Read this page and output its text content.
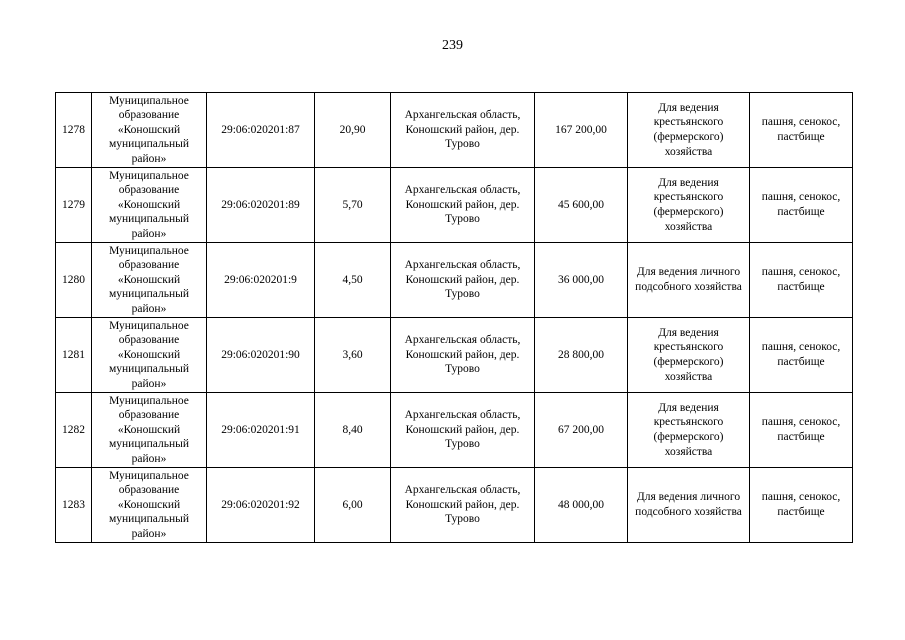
239
1278	Муниципальное образование «Коношский муниципальный район»	29:06:020201:87	20,90	Архангельская область, Коношский район, дер. Турово	167 200,00	Для ведения крестьянского (фермерского) хозяйства	пашня, сенокос, пастбище
1279	Муниципальное образование «Коношский муниципальный район»	29:06:020201:89	5,70	Архангельская область, Коношский район, дер. Турово	45 600,00	Для ведения крестьянского (фермерского) хозяйства	пашня, сенокос, пастбище
1280	Муниципальное образование «Коношский муниципальный район»	29:06:020201:9	4,50	Архангельская область, Коношский район, дер. Турово	36 000,00	Для ведения личного подсобного хозяйства	пашня, сенокос, пастбище
1281	Муниципальное образование «Коношский муниципальный район»	29:06:020201:90	3,60	Архангельская область, Коношский район, дер. Турово	28 800,00	Для ведения крестьянского (фермерского) хозяйства	пашня, сенокос, пастбище
1282	Муниципальное образование «Коношский муниципальный район»	29:06:020201:91	8,40	Архангельская область, Коношский район, дер. Турово	67 200,00	Для ведения крестьянского (фермерского) хозяйства	пашня, сенокос, пастбище
1283	Муниципальное образование «Коношский муниципальный район»	29:06:020201:92	6,00	Архангельская область, Коношский район, дер. Турово	48 000,00	Для ведения личного подсобного хозяйства	пашня, сенокос, пастбище
